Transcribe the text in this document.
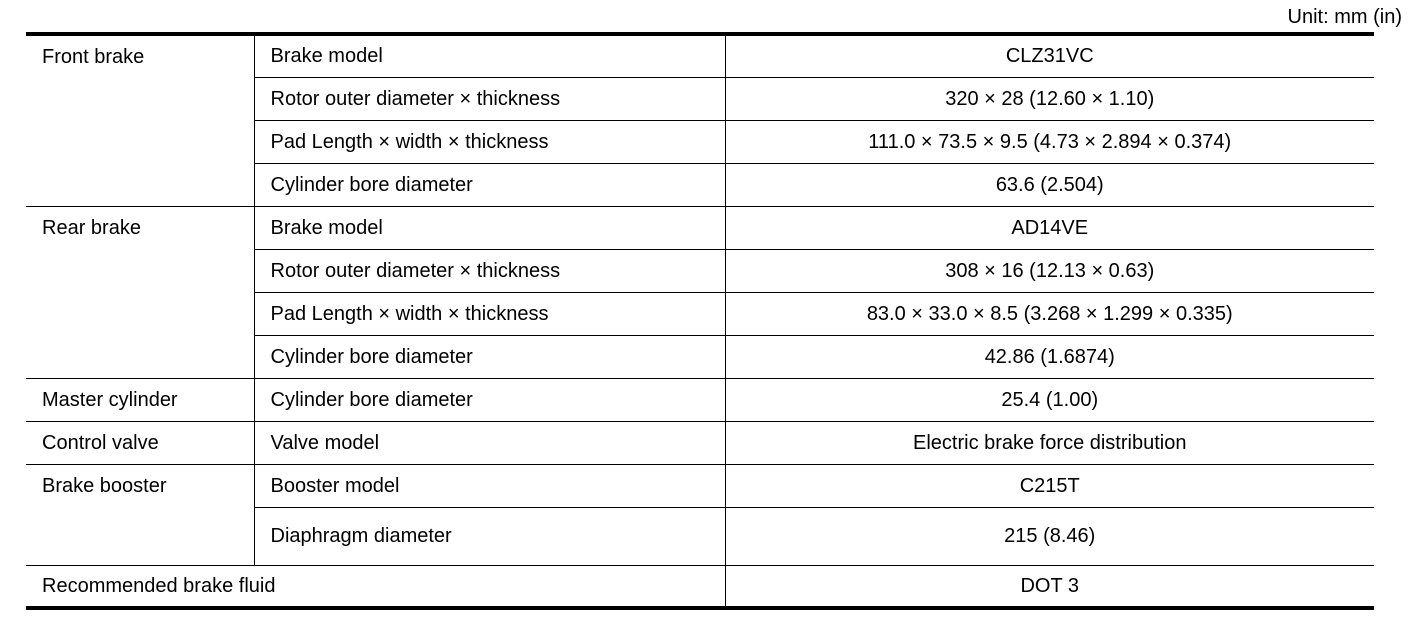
Unit: mm (in)
Front brake	Brake model	CLZ31VC
	Rotor outer diameter × thickness	320 × 28 (12.60 × 1.10)
	Pad Length × width × thickness	111.0 × 73.5 × 9.5 (4.73 × 2.894 × 0.374)
	Cylinder bore diameter	63.6 (2.504)
Rear brake	Brake model	AD14VE
	Rotor outer diameter × thickness	308 × 16 (12.13 × 0.63)
	Pad Length × width × thickness	83.0 × 33.0 × 8.5 (3.268 × 1.299 × 0.335)
	Cylinder bore diameter	42.86 (1.6874)
Master cylinder	Cylinder bore diameter	25.4 (1.00)
Control valve	Valve model	Electric brake force distribution
Brake booster	Booster model	C215T
	Diaphragm diameter	215 (8.46)
Recommended brake fluid		DOT 3
